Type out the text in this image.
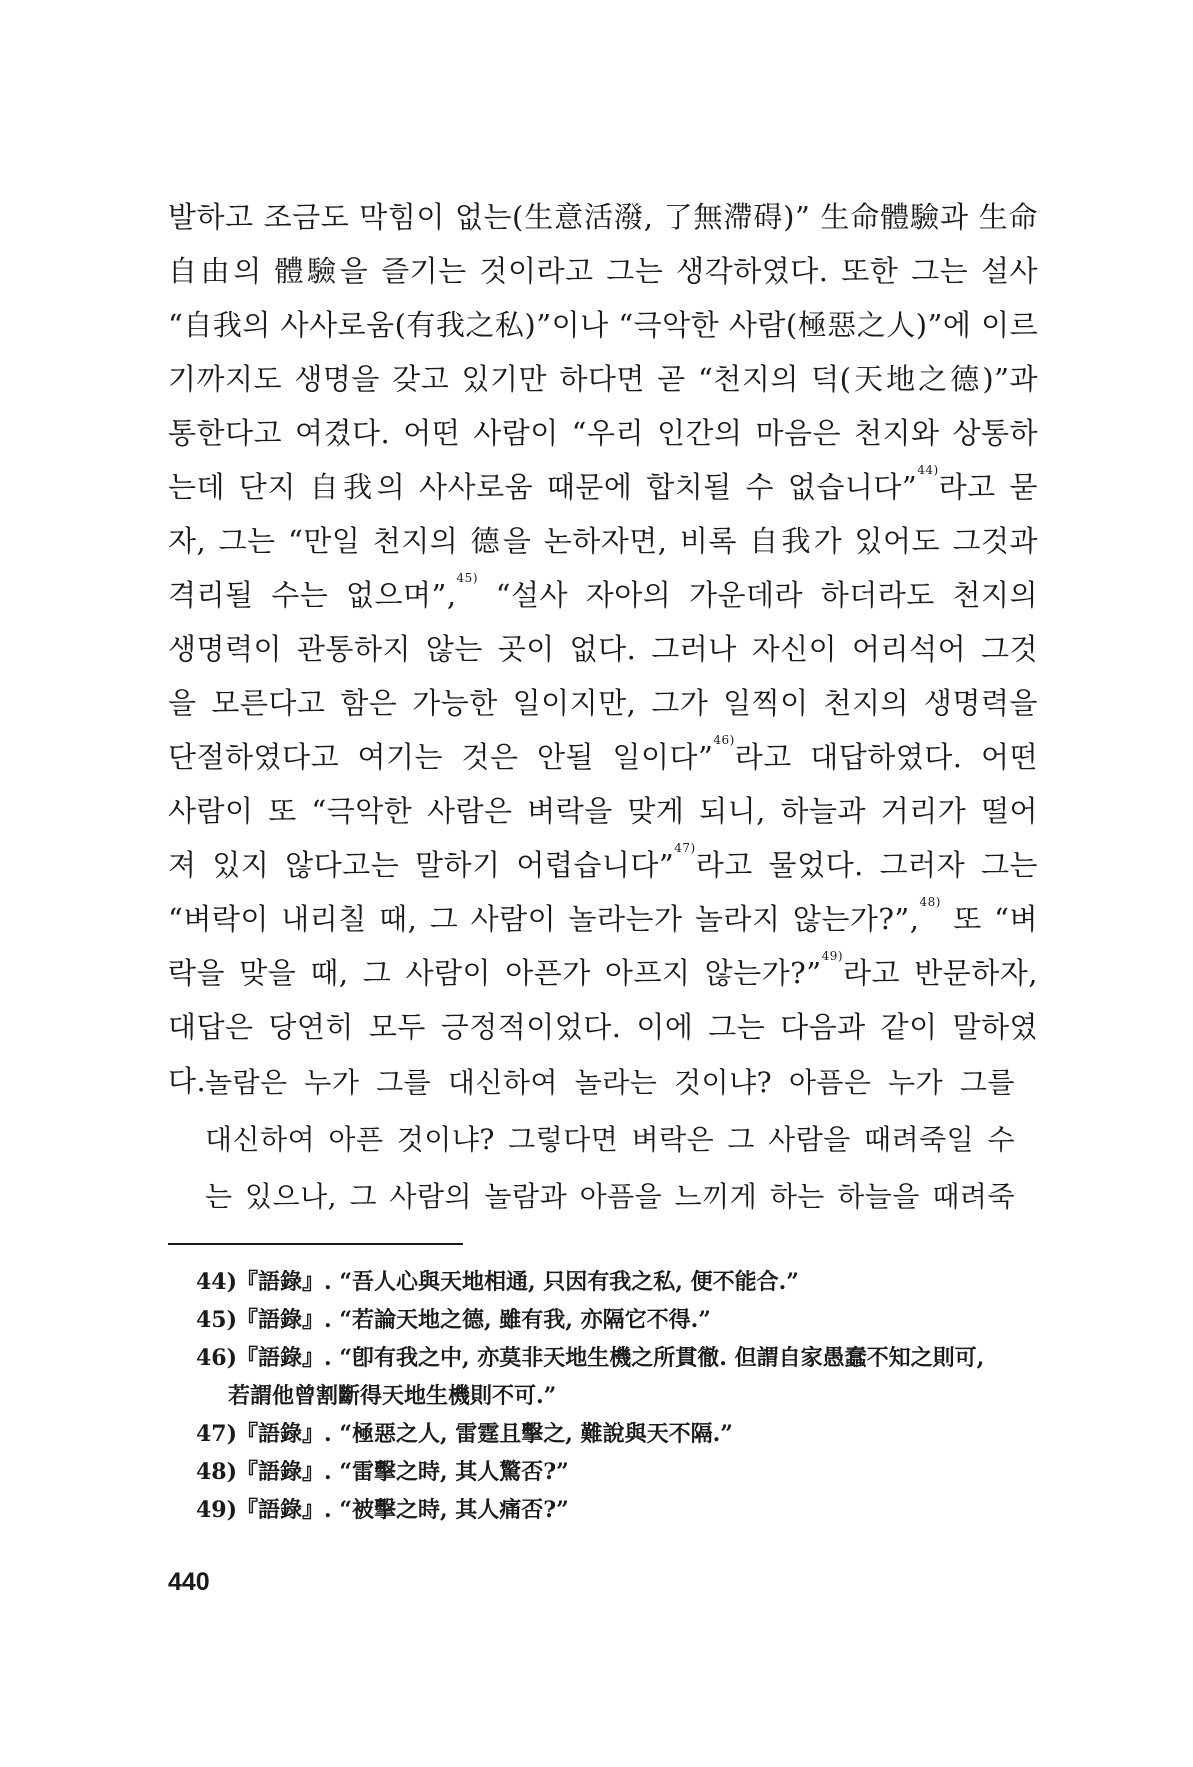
발하고 조금도 막힘이 없는(生意活潑, 了無滯碍)” 生命體驗과 生命
自由의 體驗을 즐기는 것이라고 그는 생각하였다. 또한 그는 설사
“自我의 사사로움(有我之私)”이나 “극악한 사람(極惡之人)”에 이르
기까지도 생명을 갖고 있기만 하다면 곧 “천지의 덕(天地之德)”과
통한다고 여겼다. 어떤 사람이 “우리 인간의 마음은 천지와 상통하
는데 단지 自我의 사사로움 때문에 합치될 수 없습니다”$^{44)}$라고 묻
자, 그는 “만일 천지의 德을 논하자면, 비록 自我가 있어도 그것과
격리될 수는 없으며”,$^{45)}$ “설사 자아의 가운데라 하더라도 천지의
생명력이 관통하지 않는 곳이 없다. 그러나 자신이 어리석어 그것
을 모른다고 함은 가능한 일이지만, 그가 일찍이 천지의 생명력을
단절하였다고 여기는 것은 안될 일이다”$^{46)}$라고 대답하였다. 어떤
사람이 또 “극악한 사람은 벼락을 맞게 되니, 하늘과 거리가 떨어
져 있지 않다고는 말하기 어렵습니다”$^{47)}$라고 물었다. 그러자 그는
“벼락이 내리칠 때, 그 사람이 놀라는가 놀라지 않는가?”,$^{48)}$ 또 “벼
락을 맞을 때, 그 사람이 아픈가 아프지 않는가?”$^{49)}$라고 반문하자,
대답은 당연히 모두 긍정적이었다. 이에 그는 다음과 같이 말하였
다.
놀람은 누가 그를 대신하여 놀라는 것이냐? 아픔은 누가 그를
대신하여 아픈 것이냐? 그렇다면 벼락은 그 사람을 때려죽일 수
는 있으나, 그 사람의 놀람과 아픔을 느끼게 하는 하늘을 때려죽
44)『語錄』. “吾人心與天地相通, 只因有我之私, 便不能合.”
45)『語錄』. “若論天地之德, 雖有我, 亦隔它不得.”
46)『語錄』. “卽有我之中, 亦莫非天地生機之所貫徹. 但謂自家愚蠢不知之則可,
若謂他曾割斷得天地生機則不可.”
47)『語錄』. “極惡之人, 雷霆且擊之, 難說與天不隔.”
48)『語錄』. “雷擊之時, 其人驚否?”
49)『語錄』. “被擊之時, 其人痛否?”
440
